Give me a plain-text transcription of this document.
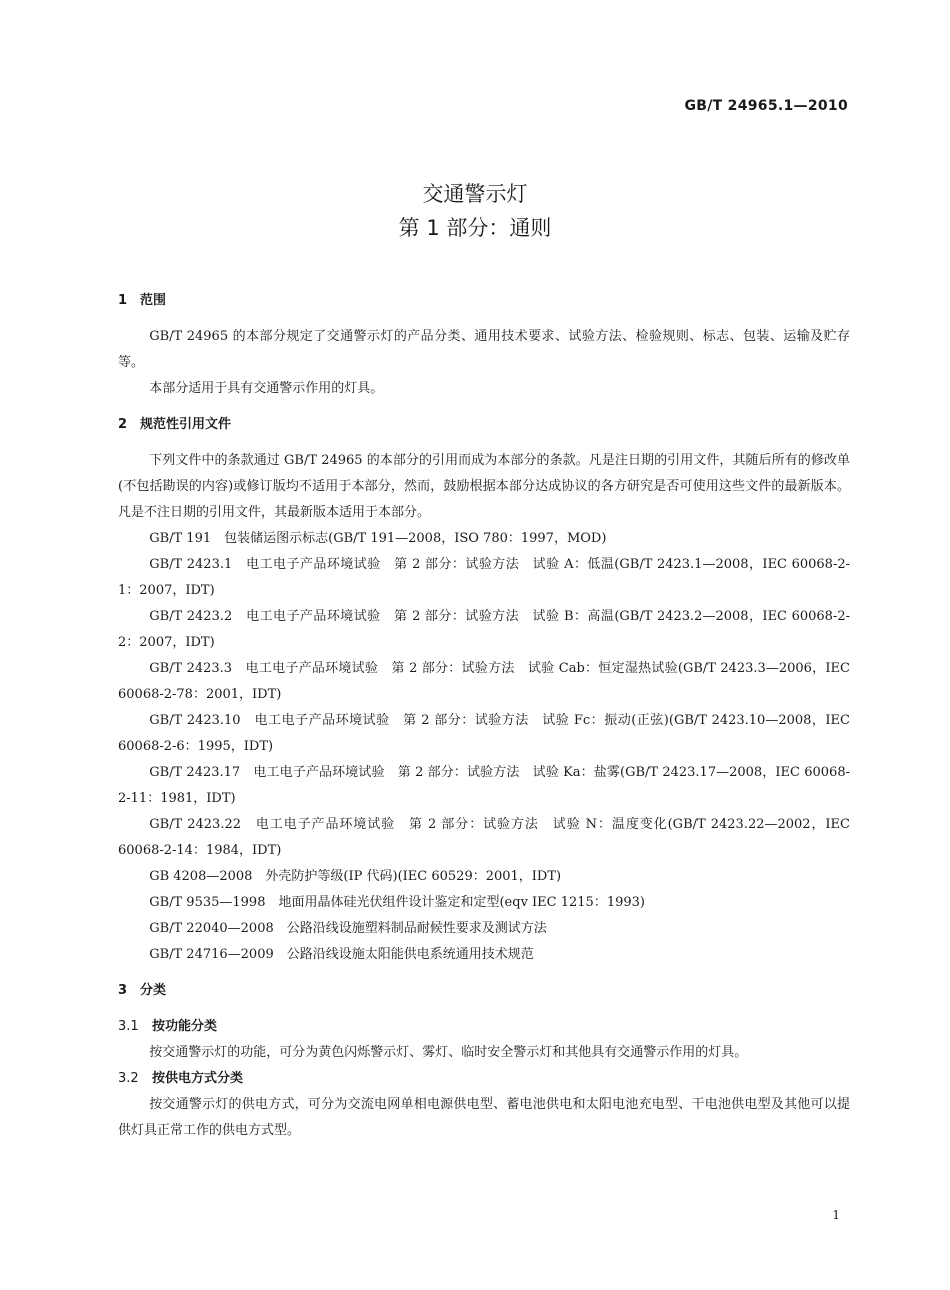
GB/T 24965.1—2010
交通警示灯
第 1 部分：通则
1 范围

GB/T 24965 的本部分规定了交通警示灯的产品分类、通用技术要求、试验方法、检验规则、标志、包装、运输及贮存等。

本部分适用于具有交通警示作用的灯具。

2 规范性引用文件

下列文件中的条款通过 GB/T 24965 的本部分的引用而成为本部分的条款。凡是注日期的引用文件，其随后所有的修改单(不包括勘误的内容)或修订版均不适用于本部分，然而，鼓励根据本部分达成协议的各方研究是否可使用这些文件的最新版本。凡是不注日期的引用文件，其最新版本适用于本部分。

GB/T 191　包装储运图示标志(GB/T 191—2008，ISO 780：1997，MOD)

GB/T 2423.1　电工电子产品环境试验　第 2 部分：试验方法　试验 A：低温(GB/T 2423.1—2008，IEC 60068-2-1：2007，IDT)

GB/T 2423.2　电工电子产品环境试验　第 2 部分：试验方法　试验 B：高温(GB/T 2423.2—2008，IEC 60068-2-2：2007，IDT)

GB/T 2423.3　电工电子产品环境试验　第 2 部分：试验方法　试验 Cab：恒定湿热试验(GB/T 2423.3—2006，IEC 60068-2-78：2001，IDT)

GB/T 2423.10　电工电子产品环境试验　第 2 部分：试验方法　试验 Fc：振动(正弦)(GB/T 2423.10—2008，IEC 60068-2-6：1995，IDT)

GB/T 2423.17　电工电子产品环境试验　第 2 部分：试验方法　试验 Ka：盐雾(GB/T 2423.17—2008，IEC 60068-2-11：1981，IDT)

GB/T 2423.22　电工电子产品环境试验　第 2 部分：试验方法　试验 N：温度变化(GB/T 2423.22—2002，IEC 60068-2-14：1984，IDT)

GB 4208—2008　外壳防护等级(IP 代码)(IEC 60529：2001，IDT)

GB/T 9535—1998　地面用晶体硅光伏组件设计鉴定和定型(eqv IEC 1215：1993)

GB/T 22040—2008　公路沿线设施塑料制品耐候性要求及测试方法

GB/T 24716—2009　公路沿线设施太阳能供电系统通用技术规范

3 分类
3.1 按功能分类

按交通警示灯的功能，可分为黄色闪烁警示灯、雾灯、临时安全警示灯和其他具有交通警示作用的灯具。

3.2 按供电方式分类

按交通警示灯的供电方式，可分为交流电网单相电源供电型、蓄电池供电和太阳电池充电型、干电池供电型及其他可以提供灯具正常工作的供电方式型。

1
